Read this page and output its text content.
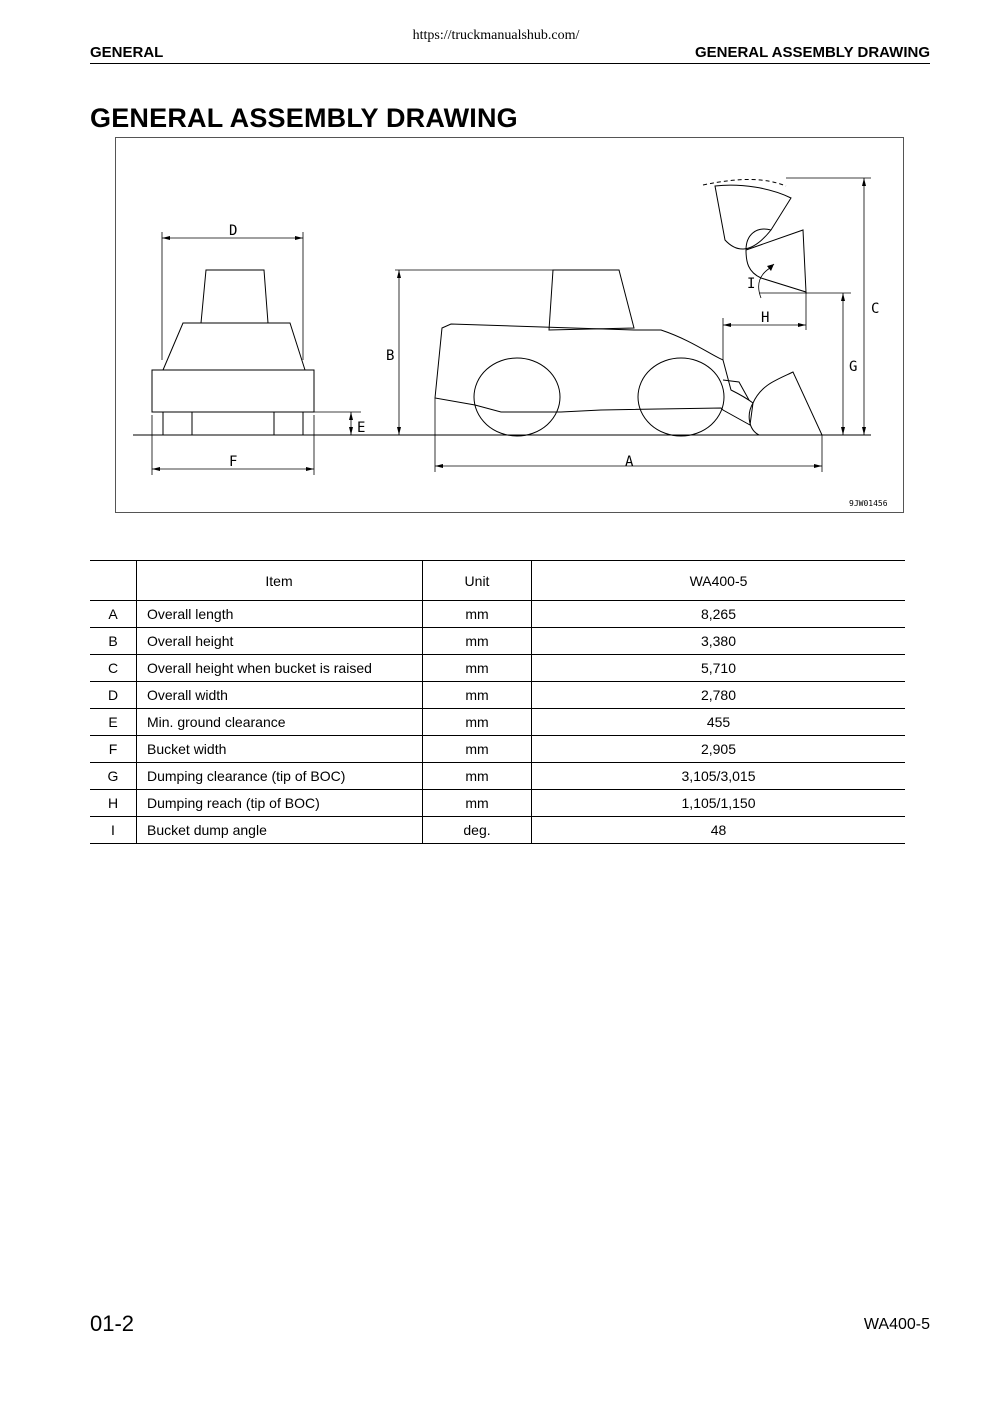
https://truckmanualshub.com/
GENERAL	GENERAL ASSEMBLY DRAWING
GENERAL ASSEMBLY DRAWING
D
F
E
B
A
C
G
H
I
9JW01456
	Item	Unit	WA400-5
A	Overall length	mm	8,265
B	Overall height	mm	3,380
C	Overall height when bucket is raised	mm	5,710
D	Overall width	mm	2,780
E	Min. ground clearance	mm	455
F	Bucket width	mm	2,905
G	Dumping clearance (tip of BOC)	mm	3,105/3,015
H	Dumping reach (tip of BOC)	mm	1,105/1,150
I	Bucket dump angle	deg.	48
01-2	WA400-5
